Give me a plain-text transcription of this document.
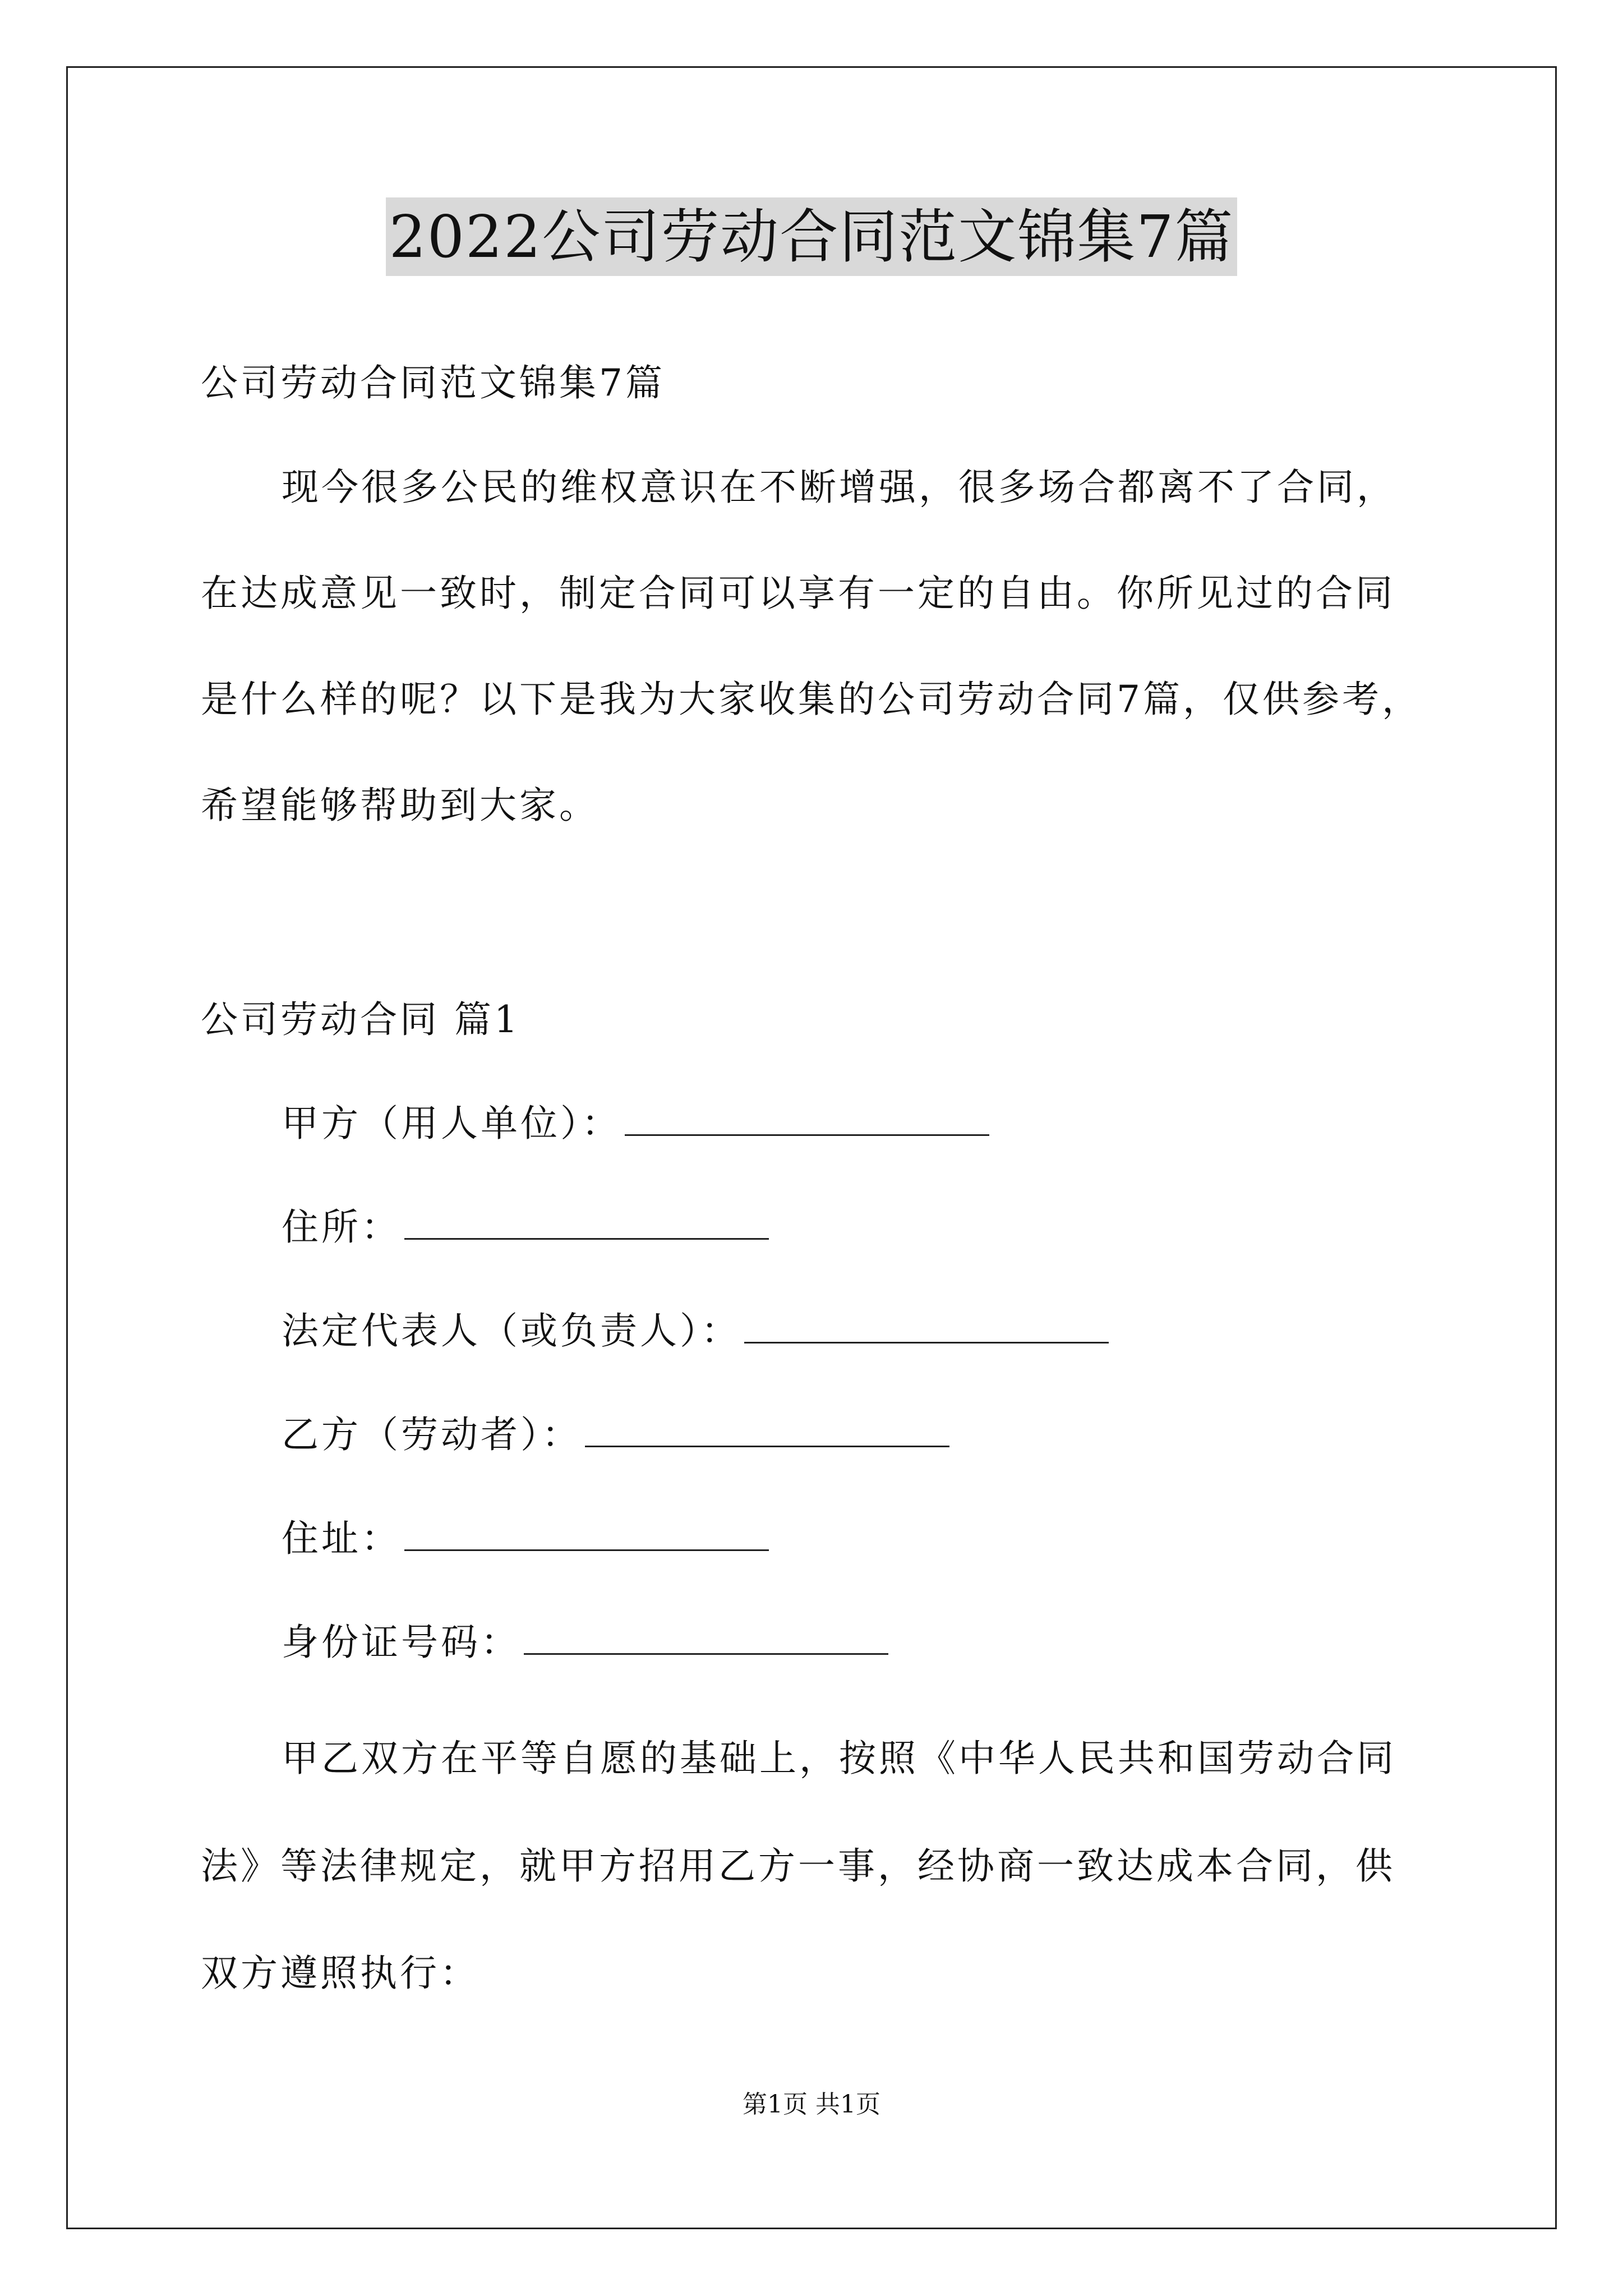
2022公司劳动合同范文锦集7篇
公司劳动合同范文锦集7篇
现今很多公民的维权意识在不断增强，很多场合都离不了合同，
在达成意见一致时，制定合同可以享有一定的自由。你所见过的合同
是什么样的呢？以下是我为大家收集的公司劳动合同7篇，仅供参考，
希望能够帮助到大家。
公司劳动合同 篇1
甲方（用人单位）：
住所：
法定代表人（或负责人）：
乙方（劳动者）：
住址：
身份证号码：
甲乙双方在平等自愿的基础上，按照《中华人民共和国劳动合同
法》等法律规定，就甲方招用乙方一事，经协商一致达成本合同，供
双方遵照执行：
第1页 共1页
